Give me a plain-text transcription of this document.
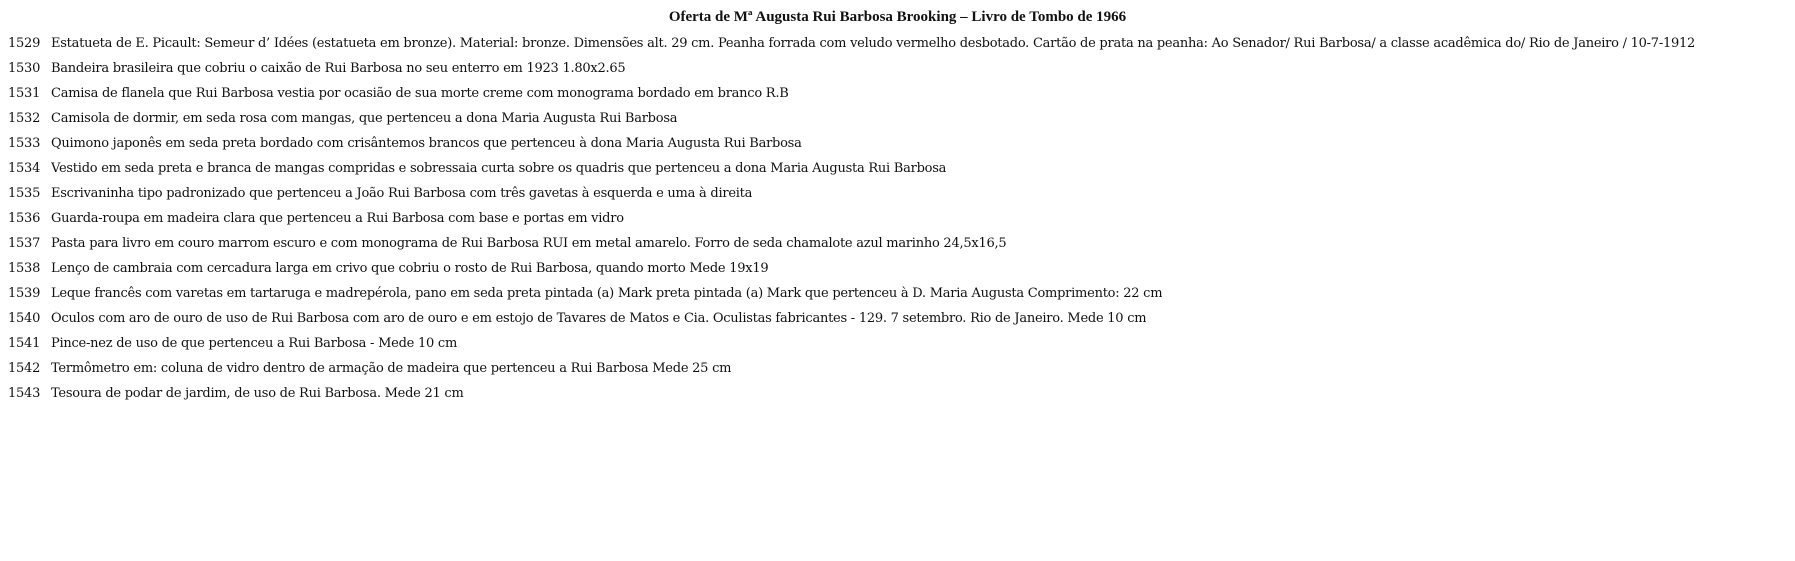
Oferta de Mª Augusta Rui Barbosa Brooking – Livro de Tombo de 1966
1529 Estatueta de E. Picault: Semeur d’ Idées (estatueta em bronze). Material: bronze. Dimensões alt. 29 cm. Peanha forrada com veludo vermelho desbotado. Cartão de prata na peanha: Ao Senador/ Rui Barbosa/ a classe acadêmica do/ Rio de Janeiro / 10-7-1912
1530 Bandeira brasileira que cobriu o caixão de Rui Barbosa no seu enterro em 1923 1.80x2.65
1531 Camisa de flanela que Rui Barbosa vestia por ocasião de sua morte creme com monograma bordado em branco R.B
1532 Camisola de dormir, em seda rosa com mangas, que pertenceu a dona Maria Augusta Rui Barbosa
1533 Quimono japonês em seda preta bordado com crisântemos brancos que pertenceu à dona Maria Augusta Rui Barbosa
1534 Vestido em seda preta e branca de mangas compridas e sobressaia curta sobre os quadris que pertenceu a dona Maria Augusta Rui Barbosa
1535 Escrivaninha tipo padronizado que pertenceu a João Rui Barbosa com três gavetas à esquerda e uma à direita
1536 Guarda-roupa em madeira clara que pertenceu a Rui Barbosa com base e portas em vidro
1537 Pasta para livro em couro marrom escuro e com monograma de Rui Barbosa RUI em metal amarelo. Forro de seda chamalote azul marinho 24,5x16,5
1538 Lenço de cambraia com cercadura larga em crivo que cobriu o rosto de Rui Barbosa, quando morto Mede 19x19
1539 Leque francês com varetas em tartaruga e madrepérola, pano em seda preta pintada (a) Mark preta pintada (a) Mark que pertenceu à D. Maria Augusta Comprimento: 22 cm
1540 Óculos com aro de ouro de uso de Rui Barbosa com aro de ouro e em estojo de Tavares de Matos e Cia. Oculistas fabricantes - 129. 7 setembro. Rio de Janeiro. Mede 10 cm
1541 Pince-nez de uso de que pertenceu a Rui Barbosa - Mede 10 cm
1542 Termômetro em: coluna de vidro dentro de armação de madeira que pertenceu a Rui Barbosa Mede 25 cm
1543 Tesoura de podar de jardim, de uso de Rui Barbosa. Mede 21 cm
